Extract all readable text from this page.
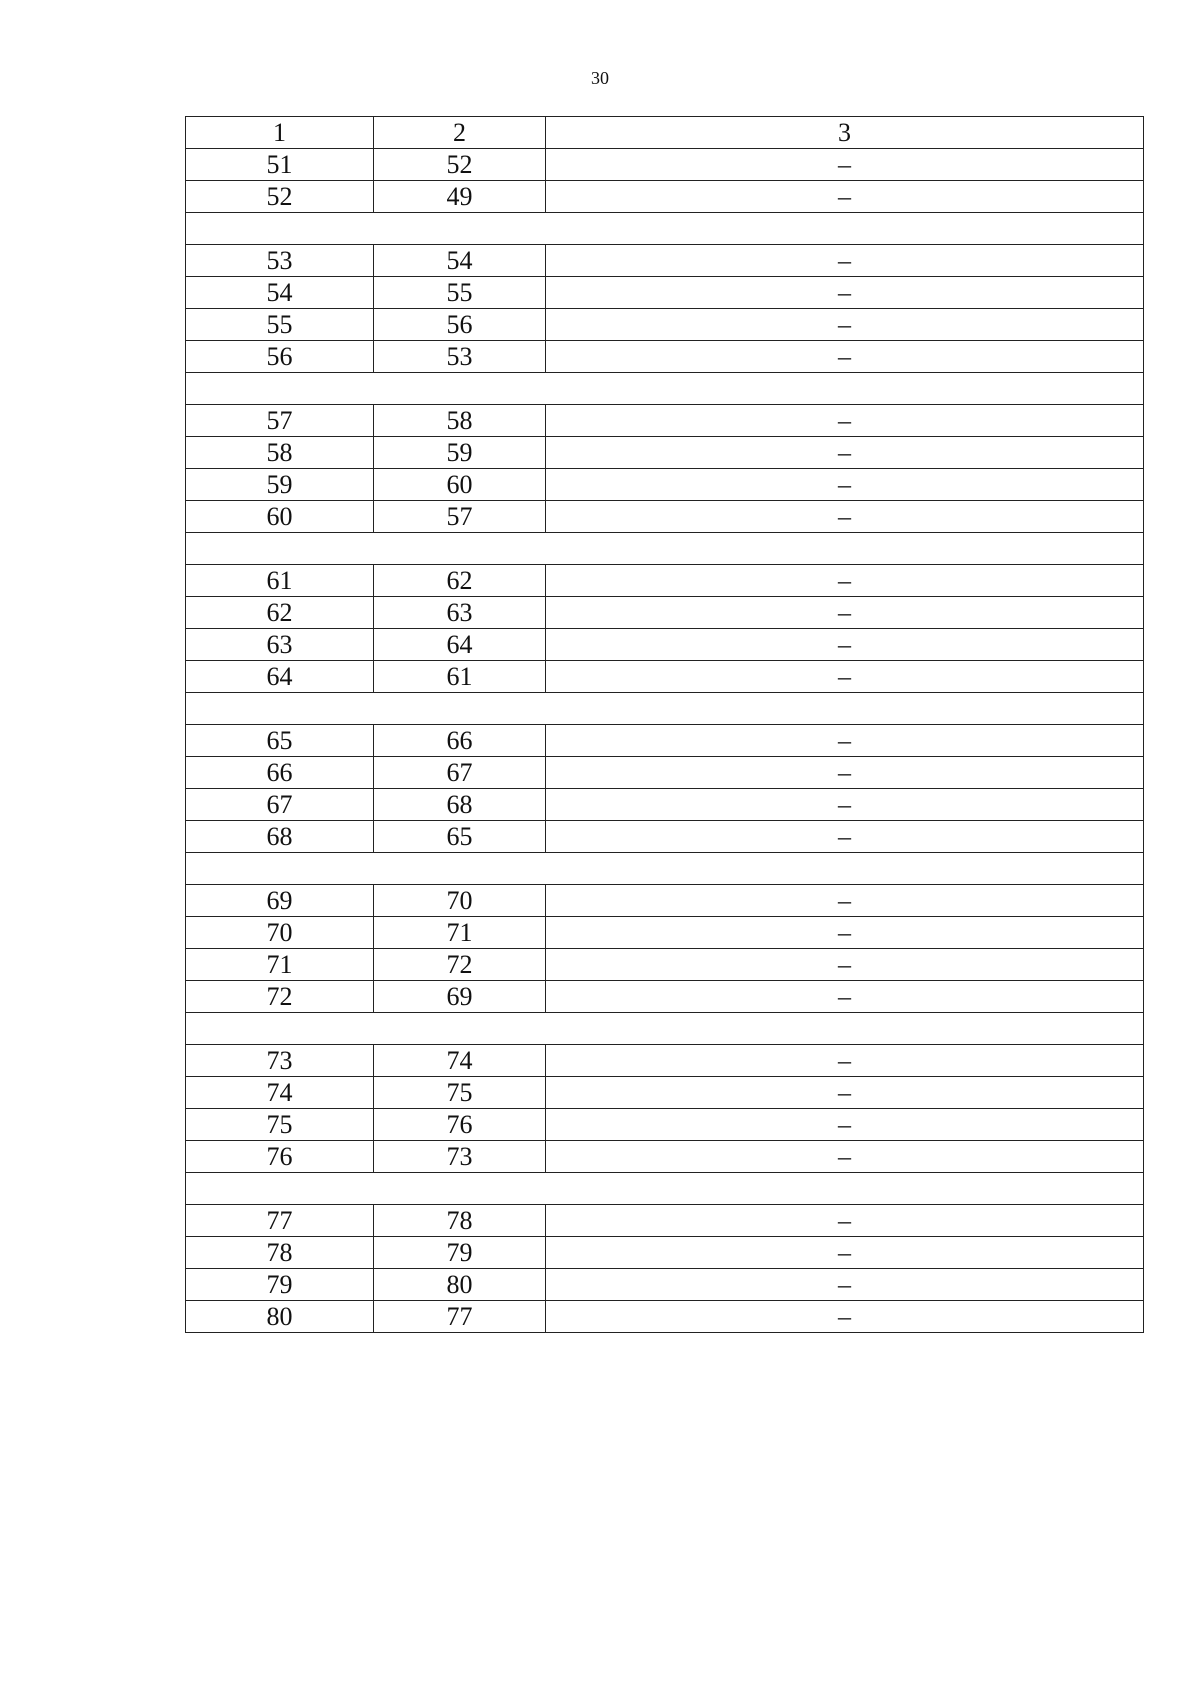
30
1	2	3
51	52	–
52	49	–

53	54	–
54	55	–
55	56	–
56	53	–

57	58	–
58	59	–
59	60	–
60	57	–

61	62	–
62	63	–
63	64	–
64	61	–

65	66	–
66	67	–
67	68	–
68	65	–

69	70	–
70	71	–
71	72	–
72	69	–

73	74	–
74	75	–
75	76	–
76	73	–

77	78	–
78	79	–
79	80	–
80	77	–
